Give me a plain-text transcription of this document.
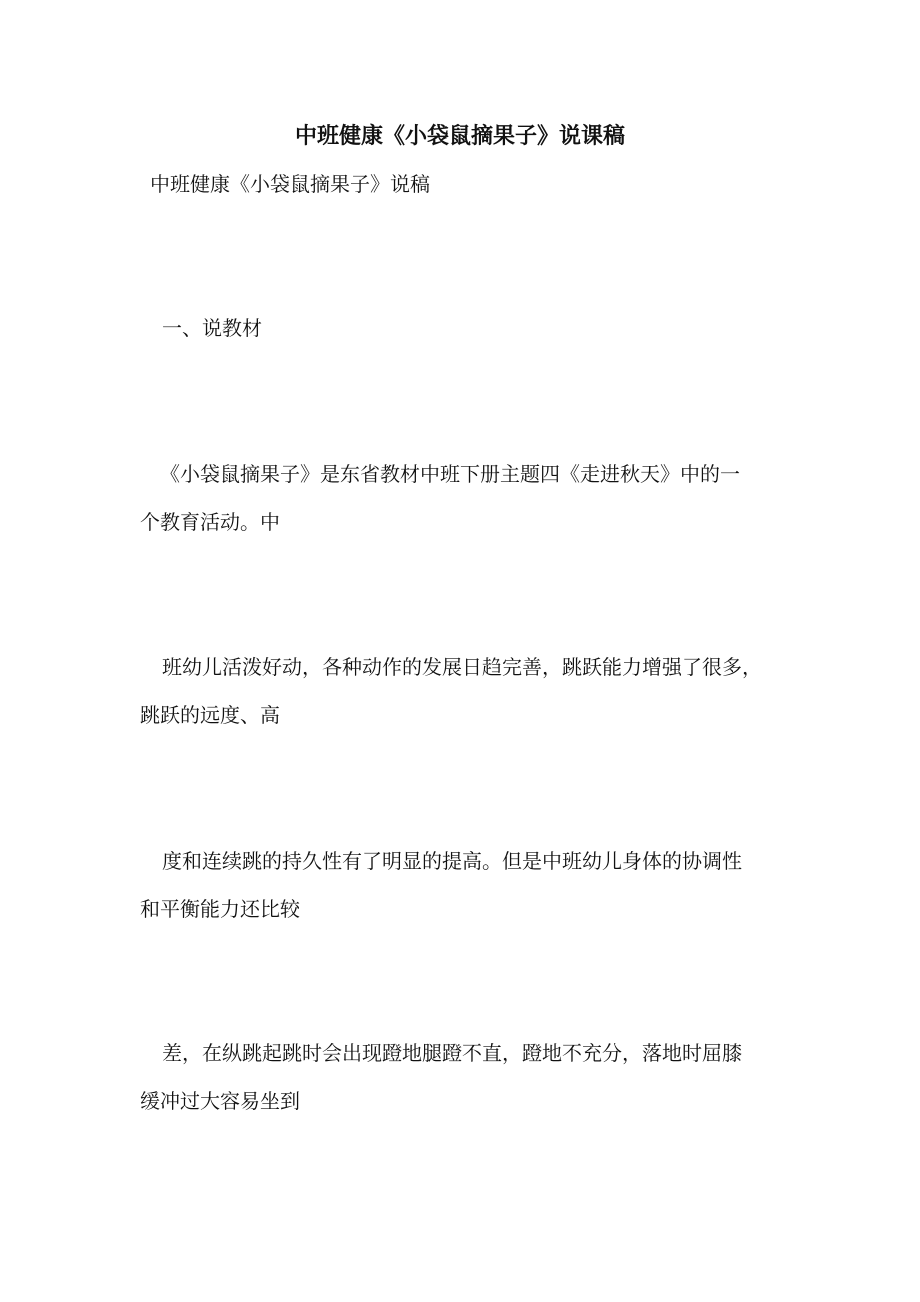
中班健康《小袋鼠摘果子》说课稿

中班健康《小袋鼠摘果子》说稿

一、说教材

《小袋鼠摘果子》是东省教材中班下册主题四《走进秋天》中的一

个教育活动。中

班幼儿活泼好动，各种动作的发展日趋完善，跳跃能力增强了很多，

跳跃的远度、高

度和连续跳的持久性有了明显的提高。但是中班幼儿身体的协调性

和平衡能力还比较

差，在纵跳起跳时会出现蹬地腿蹬不直，蹬地不充分，落地时屈膝

缓冲过大容易坐到
